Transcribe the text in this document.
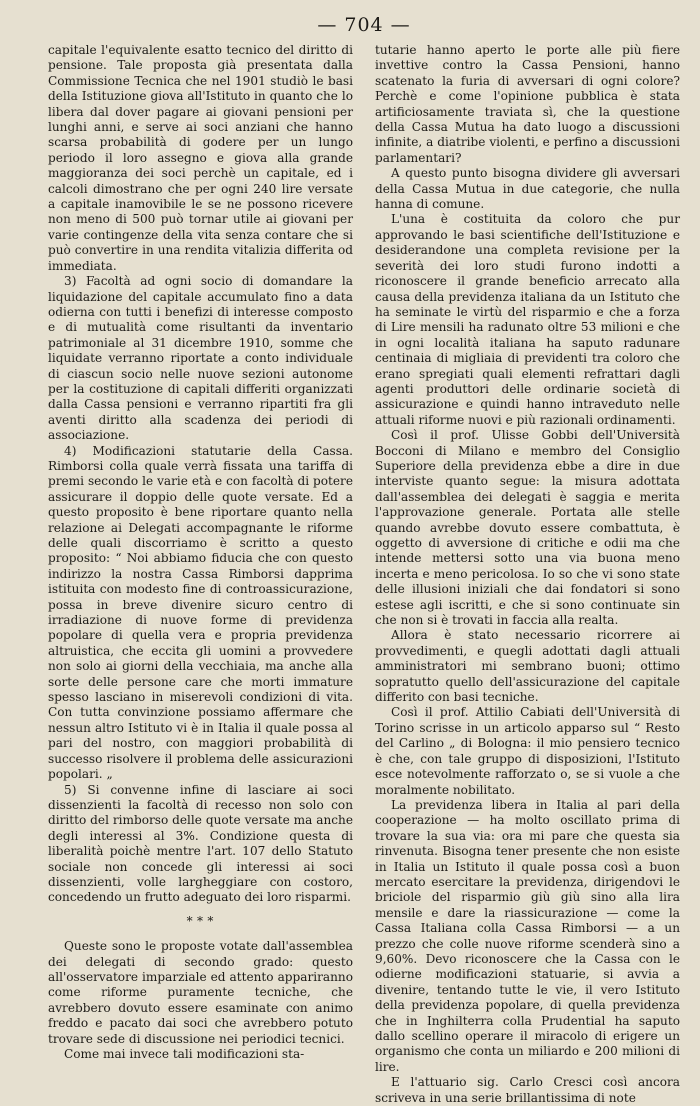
— 704 —

capitale l'equivalente esatto tecnico del diritto di pensione. Tale proposta già presentata dalla Commissione Tecnica che nel 1901 studiò le basi della Istituzione giova all'Istituto in quanto che lo libera dal dover pagare ai giovani pensioni per lunghi anni, e serve ai soci anziani che hanno scarsa probabilità di godere per un lungo periodo il loro assegno e giova alla grande maggioranza dei soci perchè un capitale, ed i calcoli dimostrano che per ogni 240 lire versate a capitale inamovibile le se ne possono ricevere non meno di 500 può tornar utile ai giovani per varie contingenze della vita senza contare che si può convertire in una rendita vitalizia differita od immediata.

3) Facoltà ad ogni socio di domandare la liquidazione del capitale accumulato fino a data odierna con tutti i benefizi di interesse composto e di mutualità come risultanti da inventario patrimoniale al 31 dicembre 1910, somme che liquidate verranno riportate a conto individuale di ciascun socio nelle nuove sezioni autonome per la costituzione di capitali differiti organizzati dalla Cassa pensioni e verranno ripartiti fra gli aventi diritto alla scadenza dei periodi di associazione.

4) Modificazioni statutarie della Cassa. Rimborsi colla quale verrà fissata una tariffa di premi secondo le varie età e con facoltà di potere assicurare il doppio delle quote versate. Ed a questo proposito è bene riportare quanto nella relazione ai Delegati accompagnante le riforme delle quali discorriamo è scritto a questo proposito: “ Noi abbiamo fiducia che con questo indirizzo la nostra Cassa Rimborsi dapprima istituita con modesto fine di controassicurazione, possa in breve divenire sicuro centro di irradiazione di nuove forme di previdenza popolare di quella vera e propria previdenza altruistica, che eccita gli uomini a provvedere non solo ai giorni della vecchiaia, ma anche alla sorte delle persone care che morti immature spesso lasciano in miserevoli condizioni di vita. Con tutta convinzione possiamo affermare che nessun altro Istituto vi è in Italia il quale possa al pari del nostro, con maggiori probabilità di successo risolvere il problema delle assicurazioni popolari. „

5) Si convenne infine di lasciare ai soci dissenzienti la facoltà di recesso non solo con diritto del rimborso delle quote versate ma anche degli interessi al 3%. Condizione questa di liberalità poichè mentre l'art. 107 dello Statuto sociale non concede gli interessi ai soci dissenzienti, volle largheggiare con costoro, concedendo un frutto adeguato dei loro risparmi.

* * *

Queste sono le proposte votate dall'assemblea dei delegati di secondo grado: questo all'osservatore imparziale ed attento appariranno come riforme puramente tecniche, che avrebbero dovuto essere esaminate con animo freddo e pacato dai soci che avrebbero potuto trovare sede di discussione nei periodici tecnici.

Come mai invece tali modificazioni sta-

tutarie hanno aperto le porte alle più fiere invettive contro la Cassa Pensioni, hanno scatenato la furia di avversari di ogni colore? Perchè e come l'opinione pubblica è stata artificiosamente traviata sì, che la questione della Cassa Mutua ha dato luogo a discussioni infinite, a diatribe violenti, e perfino a discussioni parlamentari?

A questo punto bisogna dividere gli avversari della Cassa Mutua in due categorie, che nulla hanna di comune.

L'una è costituita da coloro che pur approvando le basi scientifiche dell'Istituzione e desiderandone una completa revisione per la severità dei loro studi furono indotti a riconoscere il grande beneficio arrecato alla causa della previdenza italiana da un Istituto che ha seminate le virtù del risparmio e che a forza di Lire mensili ha radunato oltre 53 milioni e che in ogni località italiana ha saputo radunare centinaia di migliaia di previdenti tra coloro che erano spregiati quali elementi refrattari dagli agenti produttori delle ordinarie società di assicurazione e quindi hanno intraveduto nelle attuali riforme nuovi e più razionali ordinamenti.

Così il prof. Ulisse Gobbi dell'Università Bocconi di Milano e membro del Consiglio Superiore della previdenza ebbe a dire in due interviste quanto segue: la misura adottata dall'assemblea dei delegati è saggia e merita l'approvazione generale. Portata alle stelle quando avrebbe dovuto essere combattuta, è oggetto di avversione di critiche e odii ma che intende mettersi sotto una via buona meno incerta e meno pericolosa. Io so che vi sono state delle illusioni iniziali che dai fondatori si sono estese agli iscritti, e che si sono continuate sin che non si è trovati in faccia alla realta.

Allora è stato necessario ricorrere ai provvedimenti, e quegli adottati dagli attuali amministratori mi sembrano buoni; ottimo sopratutto quello dell'assicurazione del capitale differito con basi tecniche.

Così il prof. Attilio Cabiati dell'Università di Torino scrisse in un articolo apparso sul “ Resto del Carlino „ di Bologna: il mio pensiero tecnico è che, con tale gruppo di disposizioni, l'Istituto esce notevolmente rafforzato o, se si vuole a che moralmente nobilitato.

La previdenza libera in Italia al pari della cooperazione — ha molto oscillato prima di trovare la sua via: ora mi pare che questa sia rinvenuta. Bisogna tener presente che non esiste in Italia un Istituto il quale possa così a buon mercato esercitare la previdenza, dirigendovi le briciole del risparmio giù giù sino alla lira mensile e dare la riassicurazione — come la Cassa Italiana colla Cassa Rimborsi — a un prezzo che colle nuove riforme scenderà sino a 9,60%. Devo riconoscere che la Cassa con le odierne modificazioni statuarie, si avvia a divenire, tentando tutte le vie, il vero Istituto della previdenza popolare, di quella previdenza che in Inghilterra colla Prudential ha saputo dallo scellino operare il miracolo di erigere un organismo che conta un miliardo e 200 milioni di lire.

E l'attuario sig. Carlo Cresci così ancora scriveva in una serie brillantissima di note
